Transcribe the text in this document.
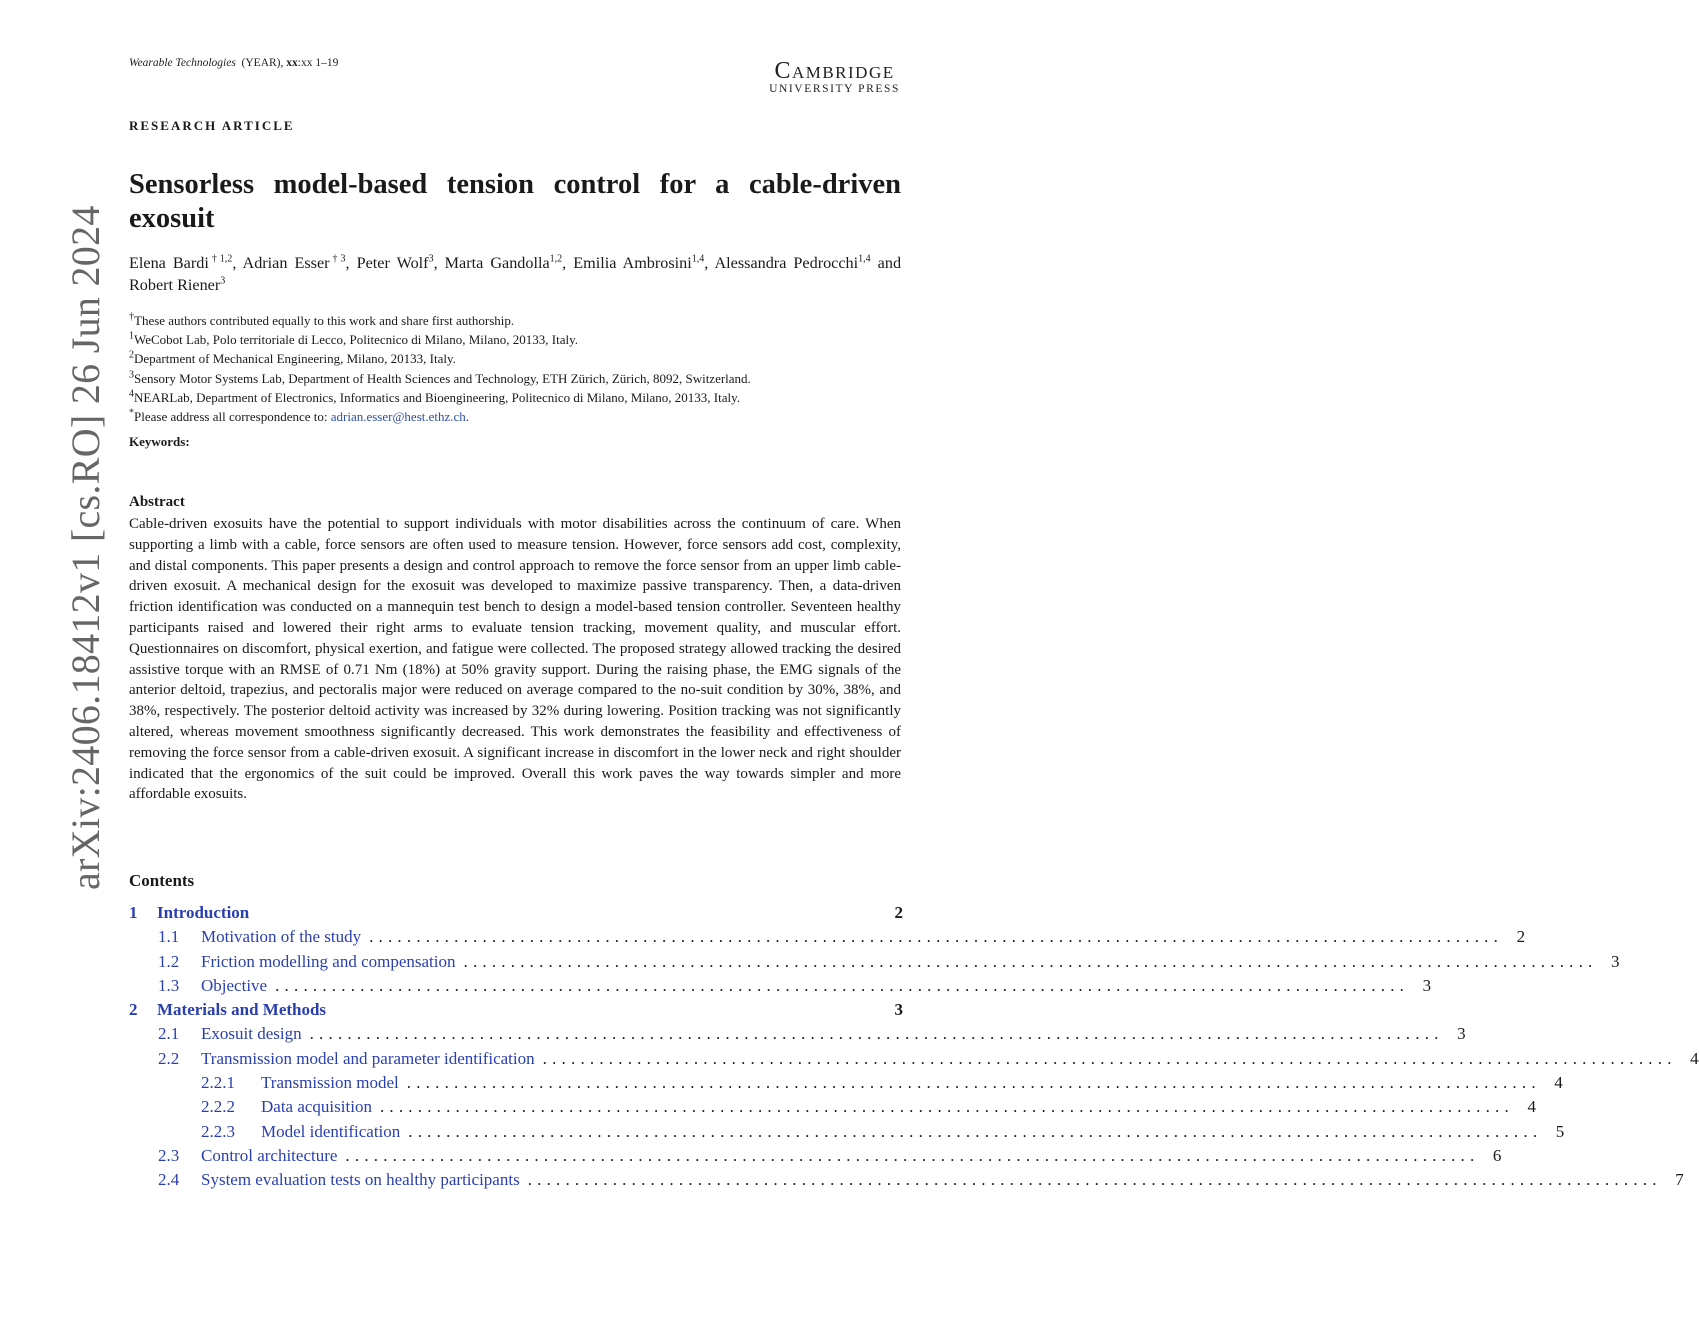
Wearable Technologies (YEAR), xx:xx 1–19	Cambridge
UNIVERSITY PRESS
RESEARCH ARTICLE
Sensorless model-based tension control for a cable-driven exosuit
Elena Bardi$^{\dagger 1,2}$, Adrian Esser$^{\dagger 3}$, Peter Wolf$^3$, Marta Gandolla$^{1,2}$, Emilia Ambrosini$^{1,4}$, Alessandra Pedrocchi$^{1,4}$ and Robert Riener$^3$
†These authors contributed equally to this work and share first authorship.
$^1$WeCobot Lab, Polo territoriale di Lecco, Politecnico di Milano, Milano, 20133, Italy.
$^2$Department of Mechanical Engineering, Milano, 20133, Italy.
$^3$Sensory Motor Systems Lab, Department of Health Sciences and Technology, ETH Zürich, Zürich, 8092, Switzerland.
$^4$NEARLab, Department of Electronics, Informatics and Bioengineering, Politecnico di Milano, Milano, 20133, Italy.
*Please address all correspondence to: adrian.esser@hest.ethz.ch.
Keywords:
Abstract
Cable-driven exosuits have the potential to support individuals with motor disabilities across the continuum of care. When supporting a limb with a cable, force sensors are often used to measure tension. However, force sensors add cost, complexity, and distal components. This paper presents a design and control approach to remove the force sensor from an upper limb cable-driven exosuit. A mechanical design for the exosuit was developed to maximize passive transparency. Then, a data-driven friction identification was conducted on a mannequin test bench to design a model-based tension controller. Seventeen healthy participants raised and lowered their right arms to evaluate tension tracking, movement quality, and muscular effort. Questionnaires on discomfort, physical exertion, and fatigue were collected. The proposed strategy allowed tracking the desired assistive torque with an RMSE of 0.71 Nm (18%) at 50% gravity support. During the raising phase, the EMG signals of the anterior deltoid, trapezius, and pectoralis major were reduced on average compared to the no-suit condition by 30%, 38%, and 38%, respectively. The posterior deltoid activity was increased by 32% during lowering. Position tracking was not significantly altered, whereas movement smoothness significantly decreased. This work demonstrates the feasibility and effectiveness of removing the force sensor from a cable-driven exosuit. A significant increase in discomfort in the lower neck and right shoulder indicated that the ergonomics of the suit could be improved. Overall this work paves the way towards simpler and more affordable exosuits.
arXiv:2406.18412v1 [cs.RO] 26 Jun 2024 Contents
1	Introduction	2
1.1	Motivation of the study ........................................................................................................................ 2
1.2	Friction modelling and compensation ........................................................................................................................ 3
1.3	Objective ........................................................................................................................ 3
2	Materials and Methods	3
2.1	Exosuit design ........................................................................................................................ 3
2.2	Transmission model and parameter identification ........................................................................................................................ 4
2.2.1	Transmission model ........................................................................................................................ 4
2.2.2	Data acquisition ........................................................................................................................ 4
2.2.3	Model identification ........................................................................................................................ 5
2.3	Control architecture ........................................................................................................................ 6
2.4	System evaluation tests on healthy participants ........................................................................................................................ 7
